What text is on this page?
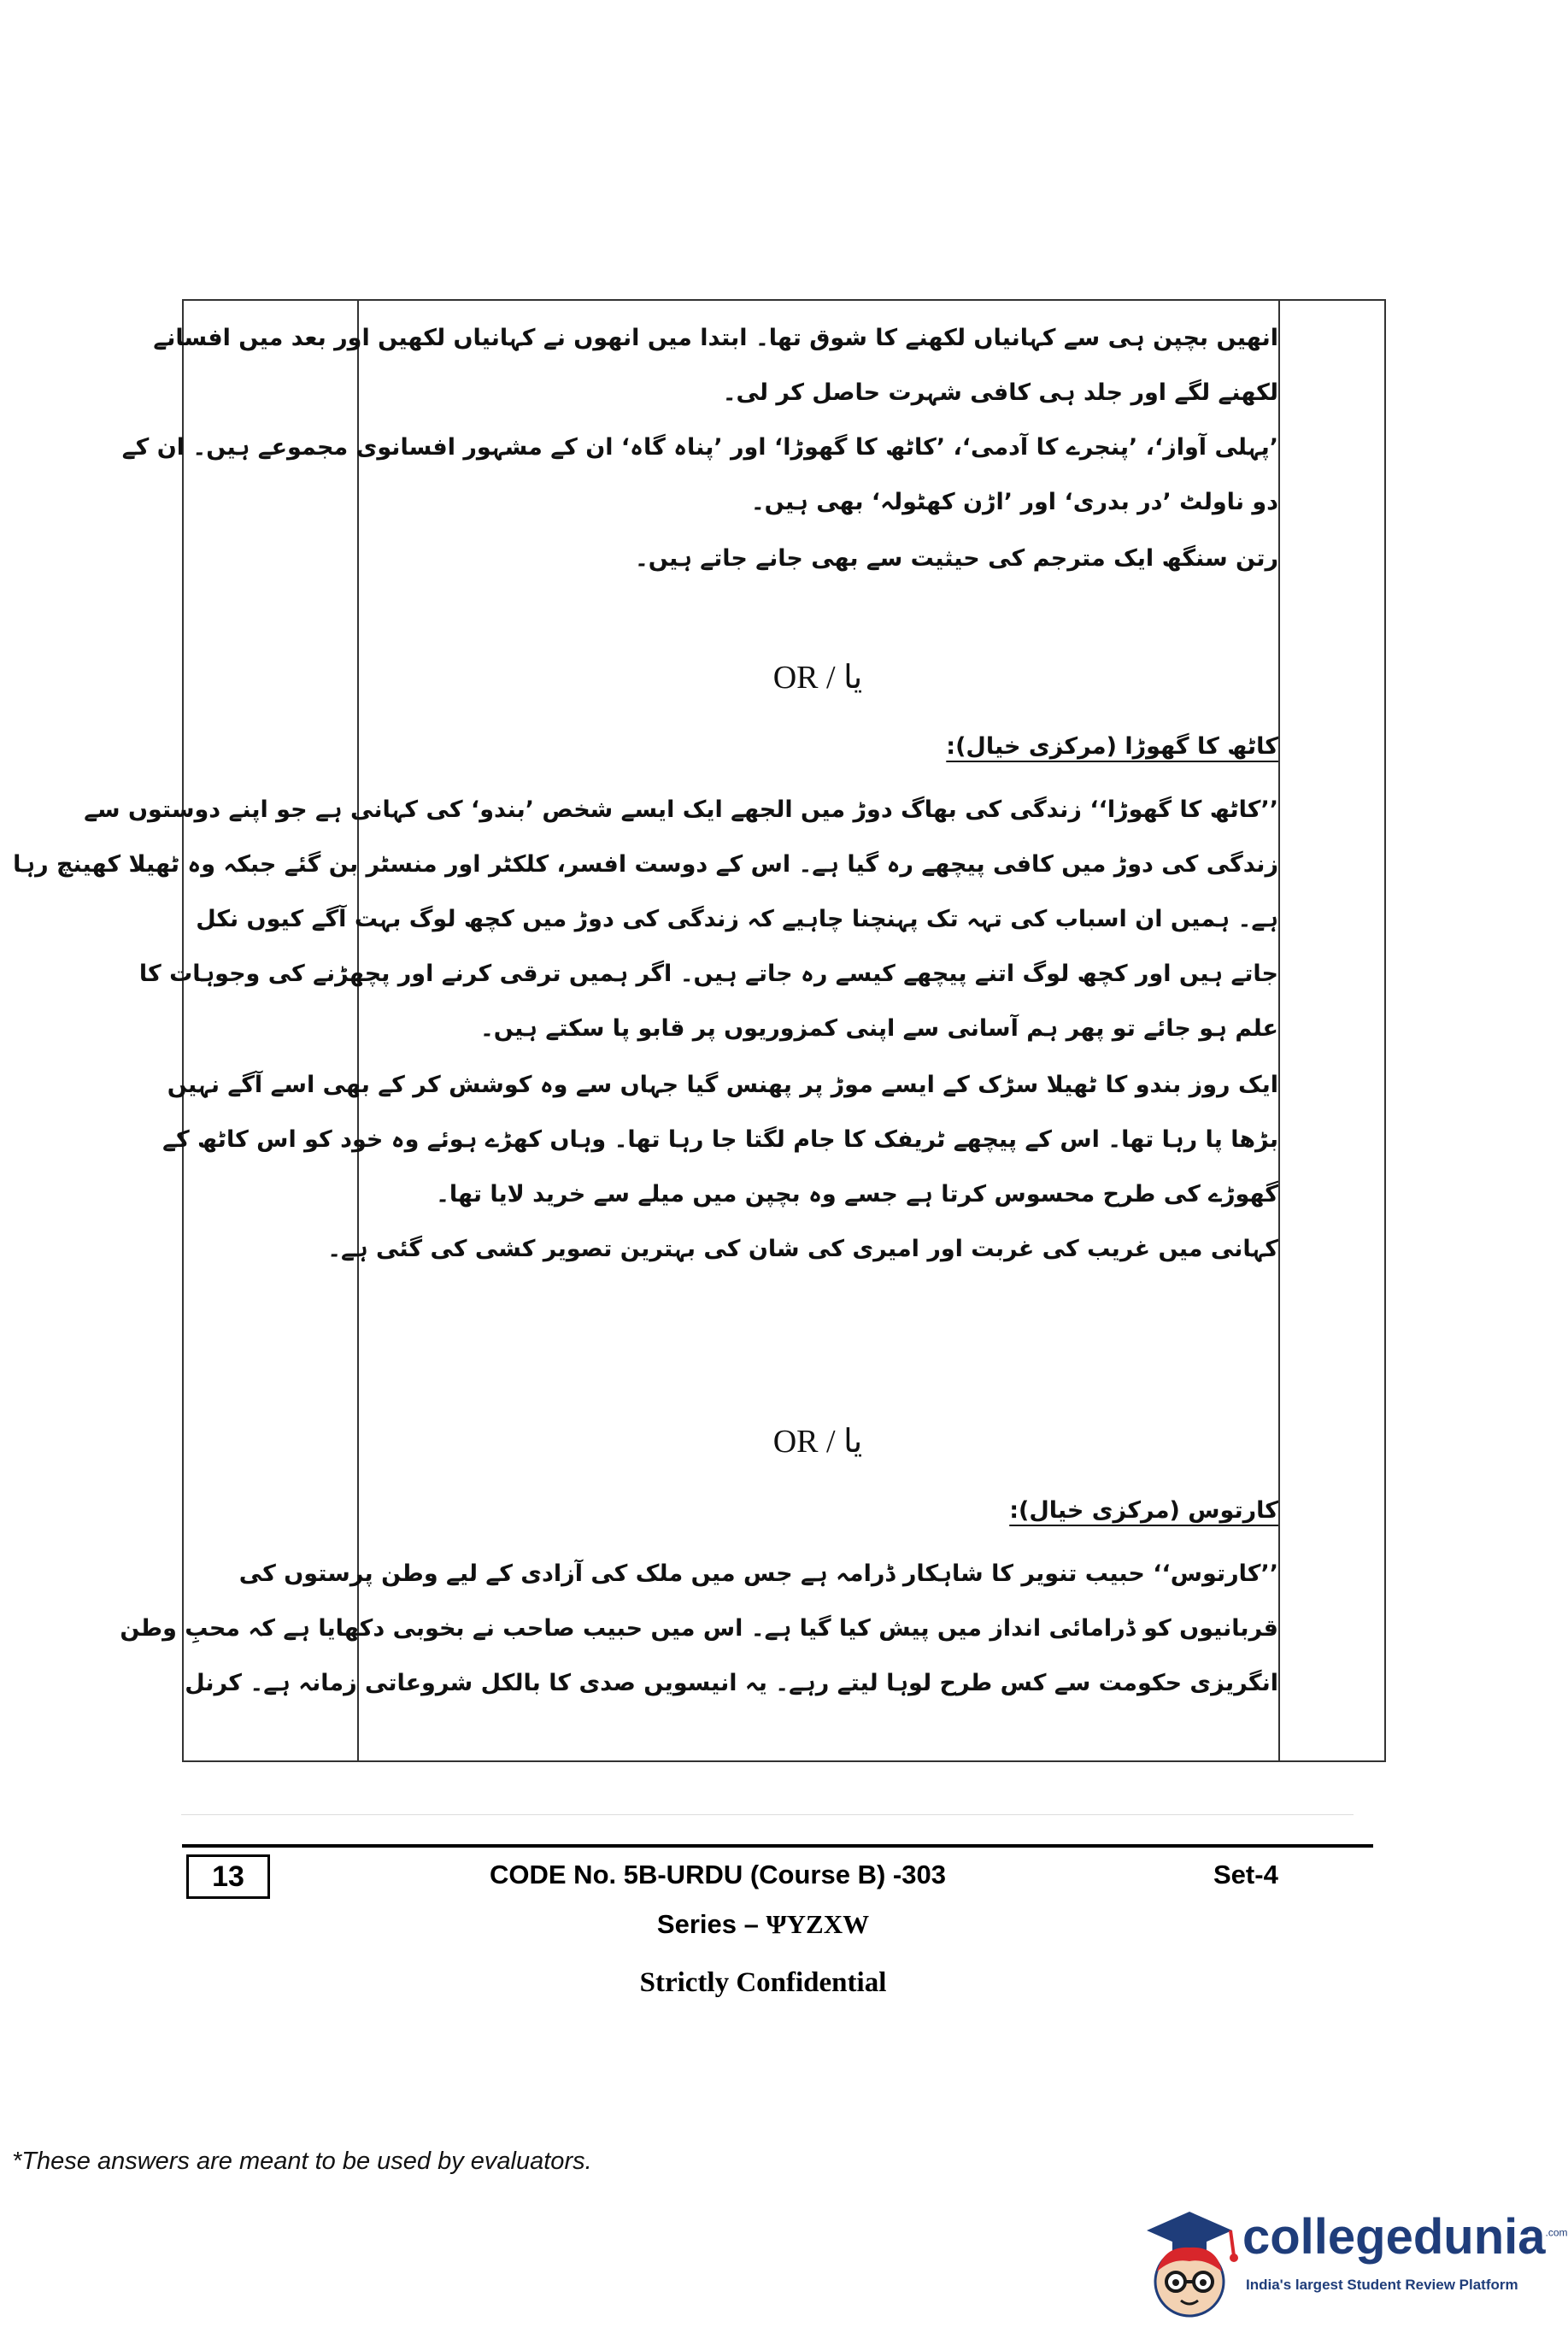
انھیں بچپن ہی سے کہانیاں لکھنے کا شوق تھا۔ ابتدا میں انھوں نے کہانیاں لکھیں اور بعد میں افسانے
لکھنے لگے اور جلد ہی کافی شہرت حاصل کر لی۔
’پہلی آواز‘، ’پنجرے کا آدمی‘، ’کاٹھ کا گھوڑا‘ اور ’پناہ گاہ‘ ان کے مشہور افسانوی مجموعے ہیں۔ ان کے
دو ناولٹ ’در بدری‘ اور ’اڑن کھٹولہ‘ بھی ہیں۔
رتن سنگھ ایک مترجم کی حیثیت سے بھی جانے جاتے ہیں۔
OR / یا
کاٹھ کا گھوڑا (مرکزی خیال):
’’کاٹھ کا گھوڑا‘‘ زندگی کی بھاگ دوڑ میں الجھے ایک ایسے شخص ’بندو‘ کی کہانی ہے جو اپنے دوستوں سے
زندگی کی دوڑ میں کافی پیچھے رہ گیا ہے۔ اس کے دوست افسر، کلکٹر اور منسٹر بن گئے جبکہ وہ ٹھیلا کھینچ رہا
ہے۔ ہمیں ان اسباب کی تہہ تک پہنچنا چاہیے کہ زندگی کی دوڑ میں کچھ لوگ بہت آگے کیوں نکل
جاتے ہیں اور کچھ لوگ اتنے پیچھے کیسے رہ جاتے ہیں۔ اگر ہمیں ترقی کرنے اور پچھڑنے کی وجوہات کا
علم ہو جائے تو پھر ہم آسانی سے اپنی کمزوریوں پر قابو پا سکتے ہیں۔
ایک روز بندو کا ٹھیلا سڑک کے ایسے موڑ پر پھنس گیا جہاں سے وہ کوشش کر کے بھی اسے آگے نہیں
بڑھا پا رہا تھا۔ اس کے پیچھے ٹریفک کا جام لگتا جا رہا تھا۔ وہاں کھڑے ہوئے وہ خود کو اس کاٹھ کے
گھوڑے کی طرح محسوس کرتا ہے جسے وہ بچپن میں میلے سے خرید لایا تھا۔
کہانی میں غریب کی غربت اور امیری کی شان کی بہترین تصویر کشی کی گئی ہے۔
OR / یا
کارتوس (مرکزی خیال):
’’کارتوس‘‘ حبیب تنویر کا شاہکار ڈرامہ ہے جس میں ملک کی آزادی کے لیے وطن پرستوں کی
قربانیوں کو ڈرامائی انداز میں پیش کیا گیا ہے۔ اس میں حبیب صاحب نے بخوبی دکھایا ہے کہ محبِ وطن
انگریزی حکومت سے کس طرح لوہا لیتے رہے۔ یہ انیسویں صدی کا بالکل شروعاتی زمانہ ہے۔ کرنل
13	CODE No. 5B-URDU (Course B) -303	Set-4
Series – ΨYZXW
Strictly Confidential
*These answers are meant to be used by evaluators.
collegedunia$^{.com}$
India's largest Student Review Platform
